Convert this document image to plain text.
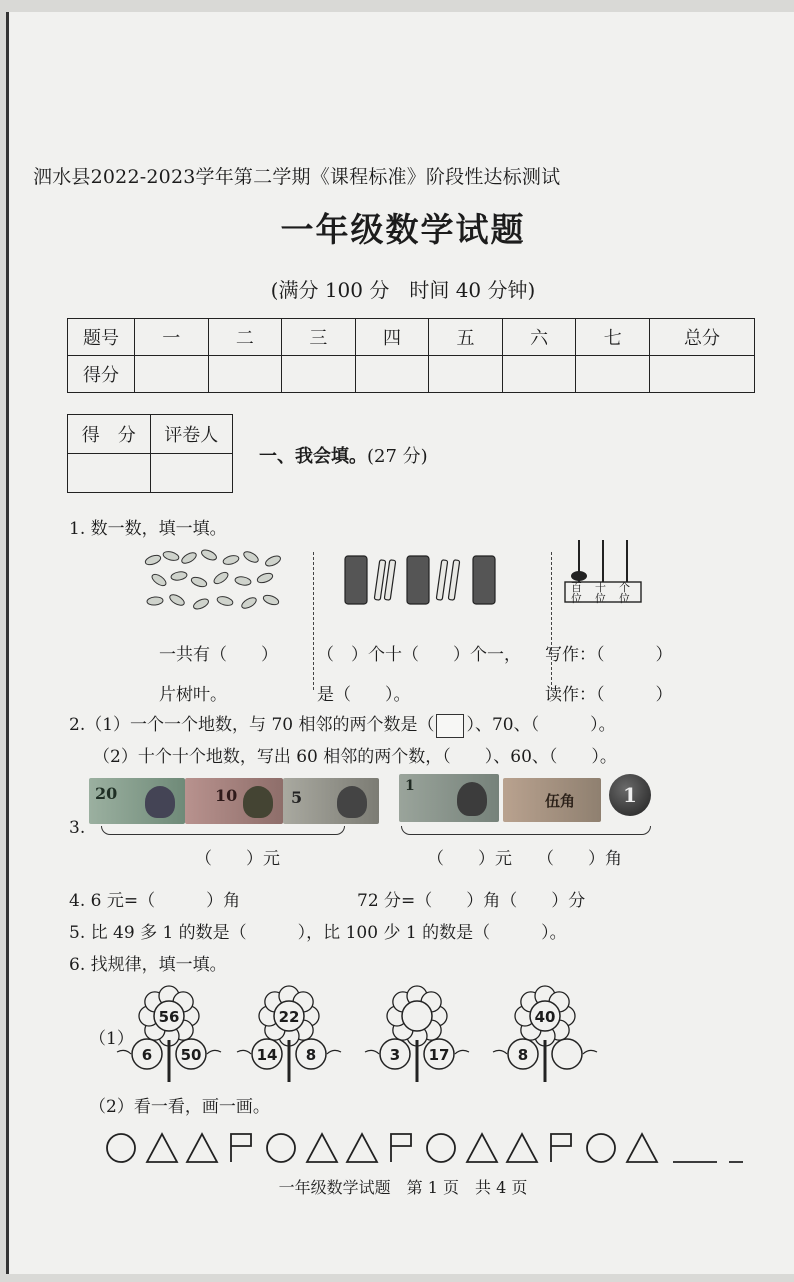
泗水县2022-2023学年第二学期《课程标准》阶段性达标测试
一年级数学试题
(满分 100 分　时间 40 分钟)
题号	一	二	三	四	五	六	七	总分
得分								
得　分	评卷人

一、我会填。(27 分)
1. 数一数，填一填。
百位
十位
个位
一共有（　　）
片树叶。
（　）个十（　　）个一，
是（　　）。
写作：（　　　）
读作：（　　　）
2.（1）一个一个地数，与 70 相邻的两个数是（ ）、70、（　　　）。
（2）十个十个地数，写出 60 相邻的两个数，（　　）、60、（　　）。
3.
20	10	5
1
伍角	1
（　　）元	（　　）元 （　　）角
4. 6 元=（　　　）角	72 分=（　　）角（　　）分
5. 比 49 多 1 的数是（　　　），比 100 少 1 的数是（　　　）。
6. 找规律，填一填。
（1）
56
6 50
22
14 8	3 17
40
8
（2）看一看，画一画。
一年级数学试题　第 1 页　共 4 页
